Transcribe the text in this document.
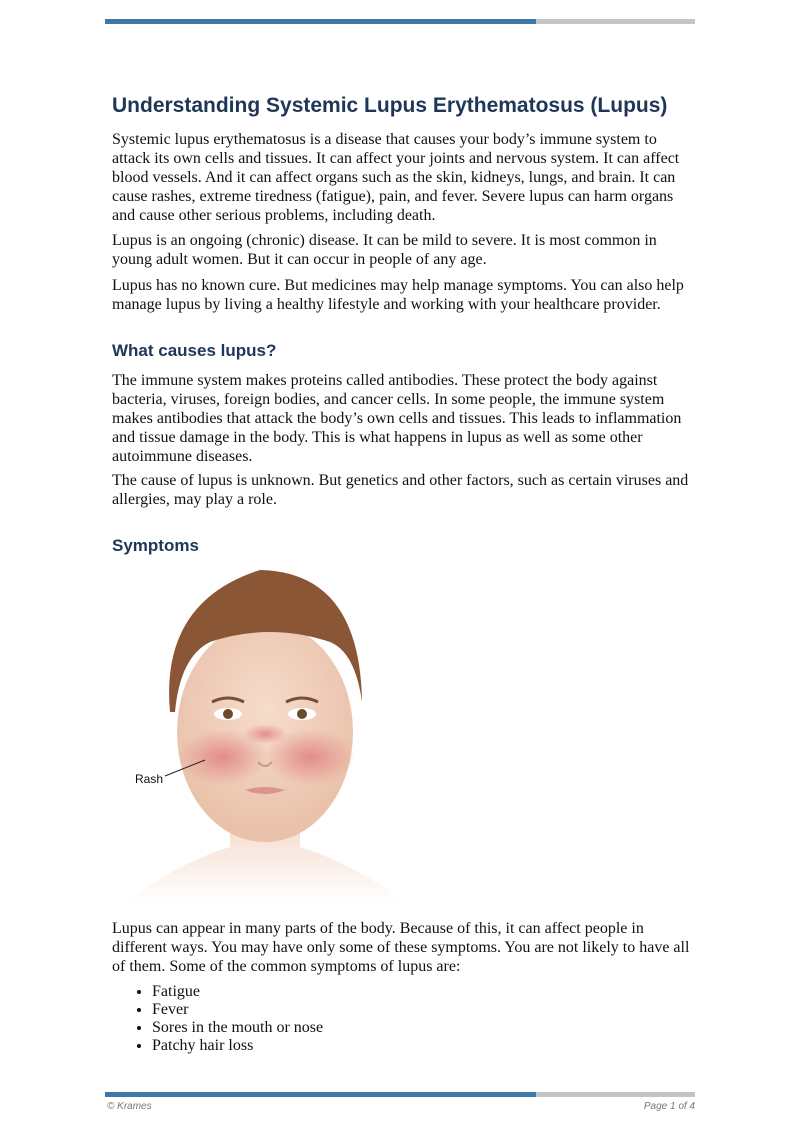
Understanding Systemic Lupus Erythematosus (Lupus)

Systemic lupus erythematosus is a disease that causes your body’s immune system to attack its own cells and tissues. It can affect your joints and nervous system. It can affect blood vessels. And it can affect organs such as the skin, kidneys, lungs, and brain. It can cause rashes, extreme tiredness (fatigue), pain, and fever. Severe lupus can harm organs and cause other serious problems, including death.

Lupus is an ongoing (chronic) disease. It can be mild to severe. It is most common in young adult women. But it can occur in people of any age.

Lupus has no known cure. But medicines may help manage symptoms. You can also help manage lupus by living a healthy lifestyle and working with your healthcare provider.

What causes lupus?

The immune system makes proteins called antibodies. These protect the body against bacteria, viruses, foreign bodies, and cancer cells. In some people, the immune system makes antibodies that attack the body’s own cells and tissues. This leads to inflammation and tissue damage in the body. This is what happens in lupus as well as some other autoimmune diseases.

The cause of lupus is unknown. But genetics and other factors, such as certain viruses and allergies, may play a role.

Symptoms
Rash

Lupus can appear in many parts of the body. Because of this, it can affect people in different ways. You may have only some of these symptoms. You are not likely to have all of them. Some of the common symptoms of lupus are:

• Fatigue
• Fever
• Sores in the mouth or nose
• Patchy hair loss
© Krames	Page 1 of 4
